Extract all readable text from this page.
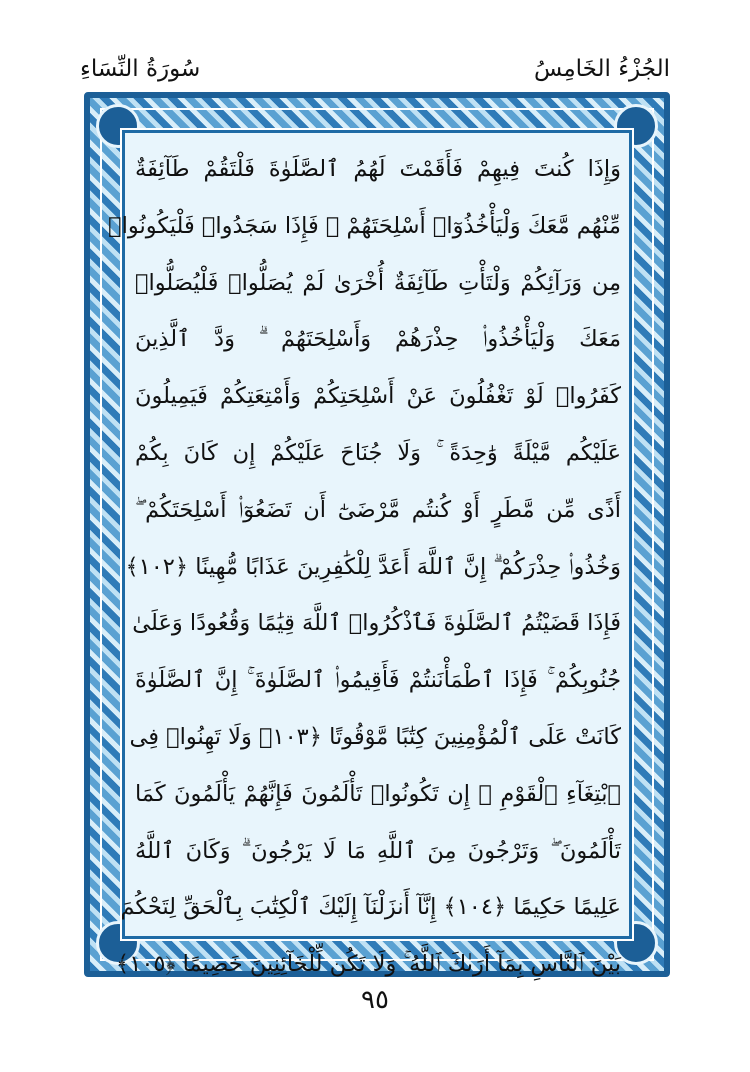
سُورَةُ النِّسَاءِ	الجُزْءُ الخَامِسُ
وَإِذَا كُنتَ فِيهِمْ فَأَقَمْتَ لَهُمُ ٱلصَّلَوٰةَ فَلْتَقُمْ طَآئِفَةٌ
مِّنْهُم مَّعَكَ وَلْيَأْخُذُوٓا۟ أَسْلِحَتَهُمْ ۖ فَإِذَا سَجَدُوا۟ فَلْيَكُونُوا۟
مِن وَرَآئِكُمْ وَلْتَأْتِ طَآئِفَةٌ أُخْرَىٰ لَمْ يُصَلُّوا۟ فَلْيُصَلُّوا۟
مَعَكَ وَلْيَأْخُذُوا۟ حِذْرَهُمْ وَأَسْلِحَتَهُمْ ۗ وَدَّ ٱلَّذِينَ
كَفَرُوا۟ لَوْ تَغْفُلُونَ عَنْ أَسْلِحَتِكُمْ وَأَمْتِعَتِكُمْ فَيَمِيلُونَ
عَلَيْكُم مَّيْلَةً وَٰحِدَةً ۚ وَلَا جُنَاحَ عَلَيْكُمْ إِن كَانَ بِكُمْ
أَذًى مِّن مَّطَرٍ أَوْ كُنتُم مَّرْضَىٰٓ أَن تَضَعُوٓا۟ أَسْلِحَتَكُمْ ۖ
وَخُذُوا۟ حِذْرَكُمْ ۗ إِنَّ ٱللَّهَ أَعَدَّ لِلْكَٰفِرِينَ عَذَابًا مُّهِينًا ﴿١٠٢﴾
فَإِذَا قَضَيْتُمُ ٱلصَّلَوٰةَ فَٱذْكُرُوا۟ ٱللَّهَ قِيَٰمًا وَقُعُودًا وَعَلَىٰ
جُنُوبِكُمْ ۚ فَإِذَا ٱطْمَأْنَنتُمْ فَأَقِيمُوا۟ ٱلصَّلَوٰةَ ۚ إِنَّ ٱلصَّلَوٰةَ
كَانَتْ عَلَى ٱلْمُؤْمِنِينَ كِتَٰبًا مَّوْقُوتًا ﴿١٠٣﴾ وَلَا تَهِنُوا۟ فِى
ٱبْتِغَآءِ ٱلْقَوْمِ ۖ إِن تَكُونُوا۟ تَأْلَمُونَ فَإِنَّهُمْ يَأْلَمُونَ كَمَا
تَأْلَمُونَ ۖ وَتَرْجُونَ مِنَ ٱللَّهِ مَا لَا يَرْجُونَ ۗ وَكَانَ ٱللَّهُ
عَلِيمًا حَكِيمًا ﴿١٠٤﴾ إِنَّآ أَنزَلْنَآ إِلَيْكَ ٱلْكِتَٰبَ بِٱلْحَقِّ لِتَحْكُمَ
بَيْنَ ٱلنَّاسِ بِمَآ أَرَىٰكَ ٱللَّهُ ۚ وَلَا تَكُن لِّلْخَآئِنِينَ خَصِيمًا ﴿١٠٥﴾
٩٥
